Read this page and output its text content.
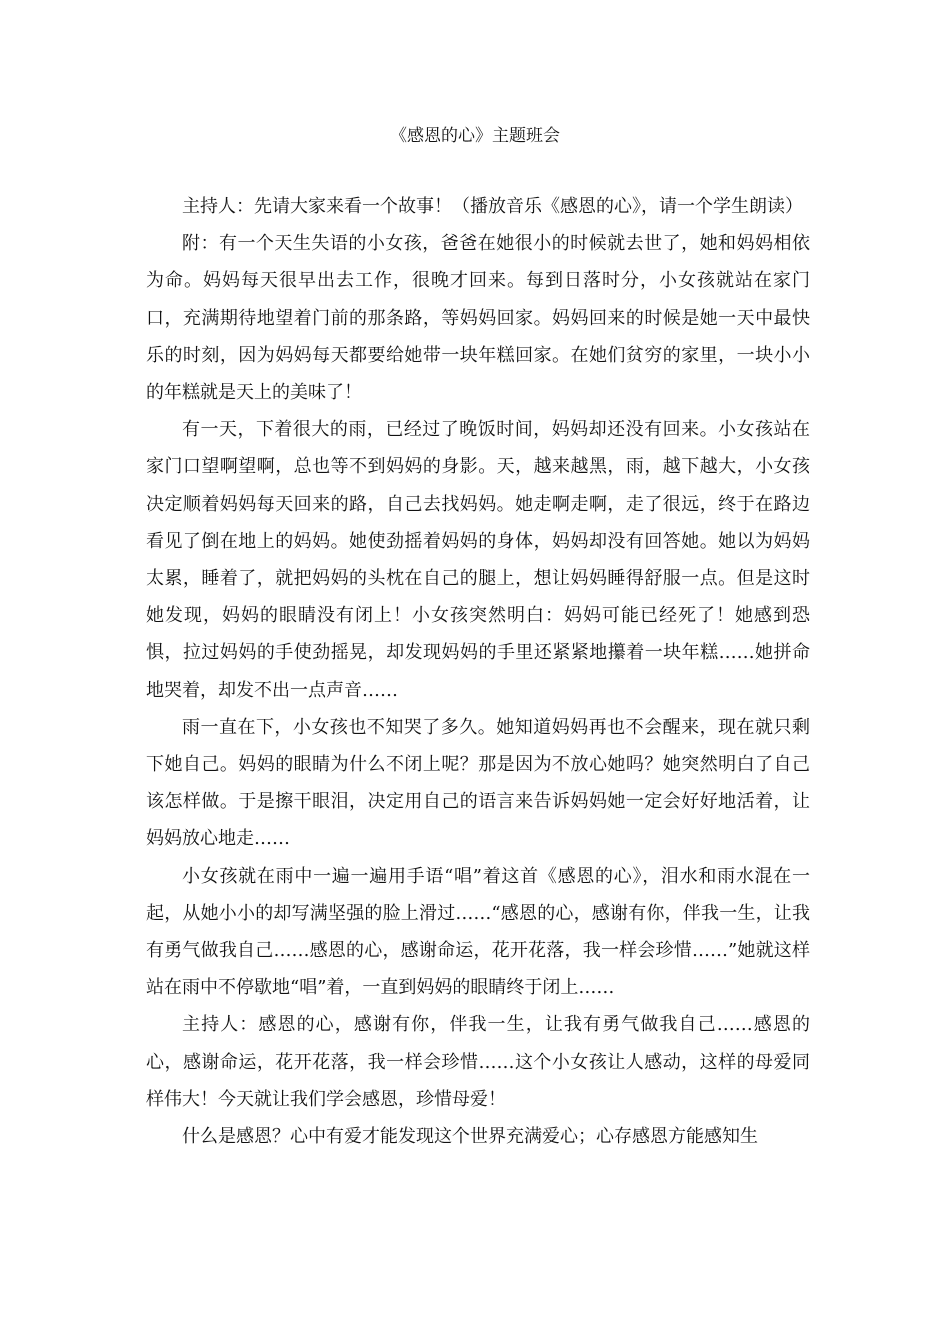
《感恩的心》主题班会

主持人：先请大家来看一个故事！（播放音乐《感恩的心》，请一个学生朗读）

附：有一个天生失语的小女孩，爸爸在她很小的时候就去世了，她和妈妈相依为命。妈妈每天很早出去工作，很晚才回来。每到日落时分，小女孩就站在家门口，充满期待地望着门前的那条路，等妈妈回家。妈妈回来的时候是她一天中最快乐的时刻，因为妈妈每天都要给她带一块年糕回家。在她们贫穷的家里，一块小小的年糕就是天上的美味了！

有一天，下着很大的雨，已经过了晚饭时间，妈妈却还没有回来。小女孩站在家门口望啊望啊，总也等不到妈妈的身影。天，越来越黑，雨，越下越大，小女孩决定顺着妈妈每天回来的路，自己去找妈妈。她走啊走啊，走了很远，终于在路边看见了倒在地上的妈妈。她使劲摇着妈妈的身体，妈妈却没有回答她。她以为妈妈太累，睡着了，就把妈妈的头枕在自己的腿上，想让妈妈睡得舒服一点。但是这时她发现，妈妈的眼睛没有闭上！小女孩突然明白：妈妈可能已经死了！她感到恐惧，拉过妈妈的手使劲摇晃，却发现妈妈的手里还紧紧地攥着一块年糕……她拼命地哭着，却发不出一点声音……

雨一直在下，小女孩也不知哭了多久。她知道妈妈再也不会醒来，现在就只剩下她自己。妈妈的眼睛为什么不闭上呢？那是因为不放心她吗？她突然明白了自己该怎样做。于是擦干眼泪，决定用自己的语言来告诉妈妈她一定会好好地活着，让妈妈放心地走……

小女孩就在雨中一遍一遍用手语“唱”着这首《感恩的心》，泪水和雨水混在一起，从她小小的却写满坚强的脸上滑过……“感恩的心，感谢有你，伴我一生，让我有勇气做我自己……感恩的心，感谢命运，花开花落，我一样会珍惜……”她就这样站在雨中不停歇地“唱”着，一直到妈妈的眼睛终于闭上……

主持人：感恩的心，感谢有你，伴我一生，让我有勇气做我自己……感恩的心，感谢命运，花开花落，我一样会珍惜……这个小女孩让人感动，这样的母爱同样伟大！今天就让我们学会感恩，珍惜母爱！

什么是感恩？心中有爱才能发现这个世界充满爱心；心存感恩方能感知生
